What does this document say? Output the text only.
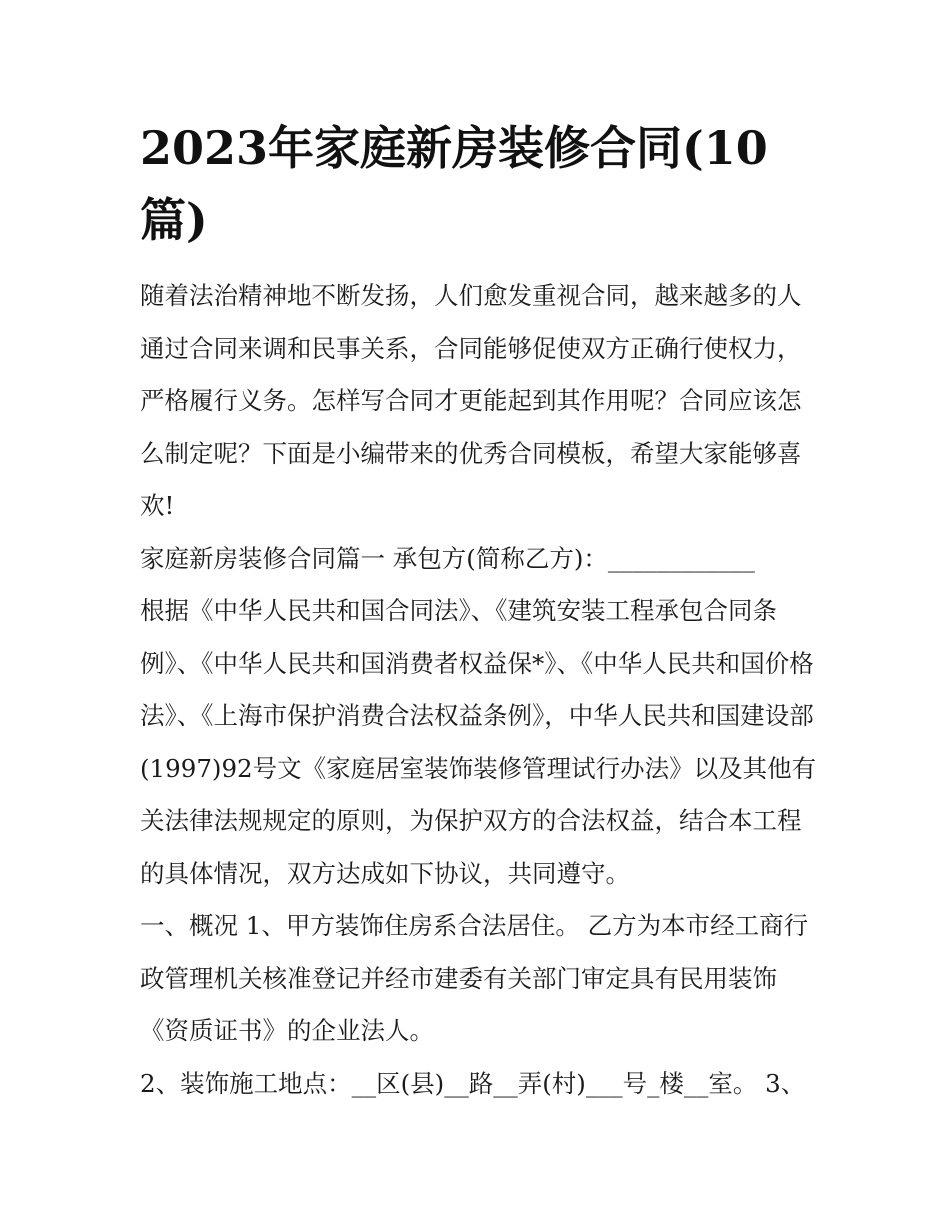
2023年家庭新房装修合同(10篇)

随着法治精神地不断发扬，人们愈发重视合同，越来越多的人通过合同来调和民事关系，合同能够促使双方正确行使权力，严格履行义务。怎样写合同才更能起到其作用呢？合同应该怎么制定呢？下面是小编带来的优秀合同模板，希望大家能够喜欢!

家庭新房装修合同篇一 承包方(简称乙方)：____________

根据《中华人民共和国合同法》、《建筑安装工程承包合同条例》、《中华人民共和国消费者权益保*》、《中华人民共和国价格法》、《上海市保护消费合法权益条例》，中华人民共和国建设部(1997)92号文《家庭居室装饰装修管理试行办法》以及其他有关法律法规规定的原则，为保护双方的合法权益，结合本工程的具体情况，双方达成如下协议，共同遵守。

一、概况 1、甲方装饰住房系合法居住。 乙方为本市经工商行政管理机关核准登记并经市建委有关部门审定具有民用装饰《资质证书》的企业法人。

2、装饰施工地点：__区(县)__路__弄(村)___号_楼__室。 3、
